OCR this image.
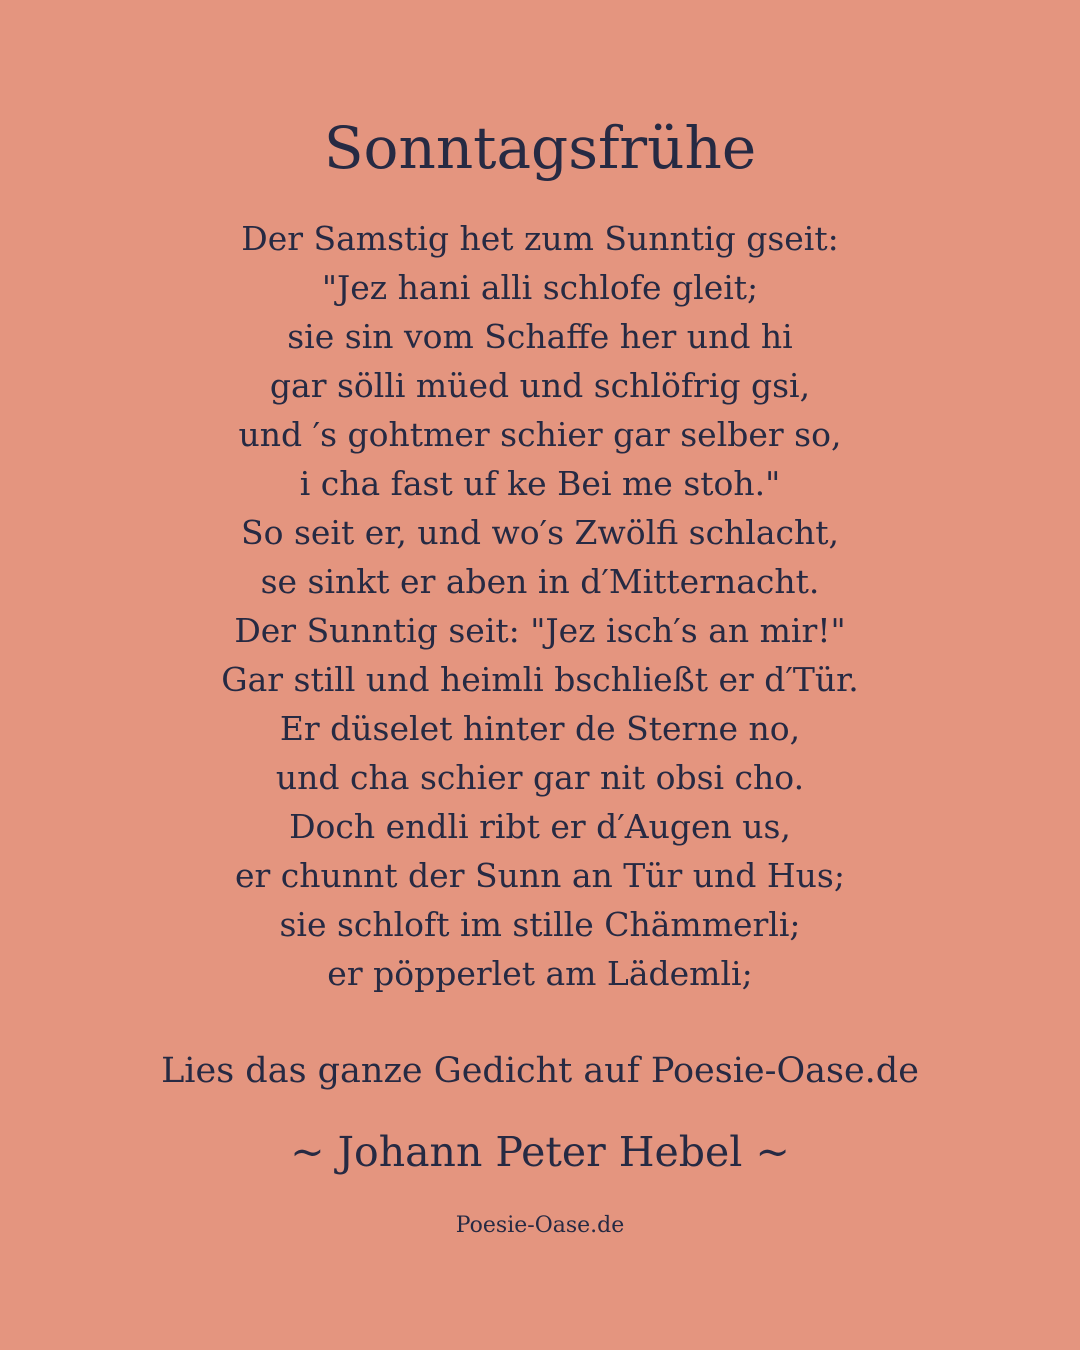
Sonntagsfrühe
Der Samstig het zum Sunntig gseit:
"Jez hani alli schlofe gleit;
sie sin vom Schaffe her und hi
gar sölli müed und schlöfrig gsi,
und ′s gohtmer schier gar selber so,
i cha fast uf ke Bei me stoh."
So seit er, und wo′s Zwölfi schlacht,
se sinkt er aben in d′Mitternacht.
Der Sunntig seit: "Jez isch′s an mir!"
Gar still und heimli bschließt er d′Tür.
Er düselet hinter de Sterne no,
und cha schier gar nit obsi cho.
Doch endli ribt er d′Augen us,
er chunnt der Sunn an Tür und Hus;
sie schloft im stille Chämmerli;
er pöpperlet am Lädemli;
Lies das ganze Gedicht auf Poesie-Oase.de
~ Johann Peter Hebel ~
Poesie-Oase.de
